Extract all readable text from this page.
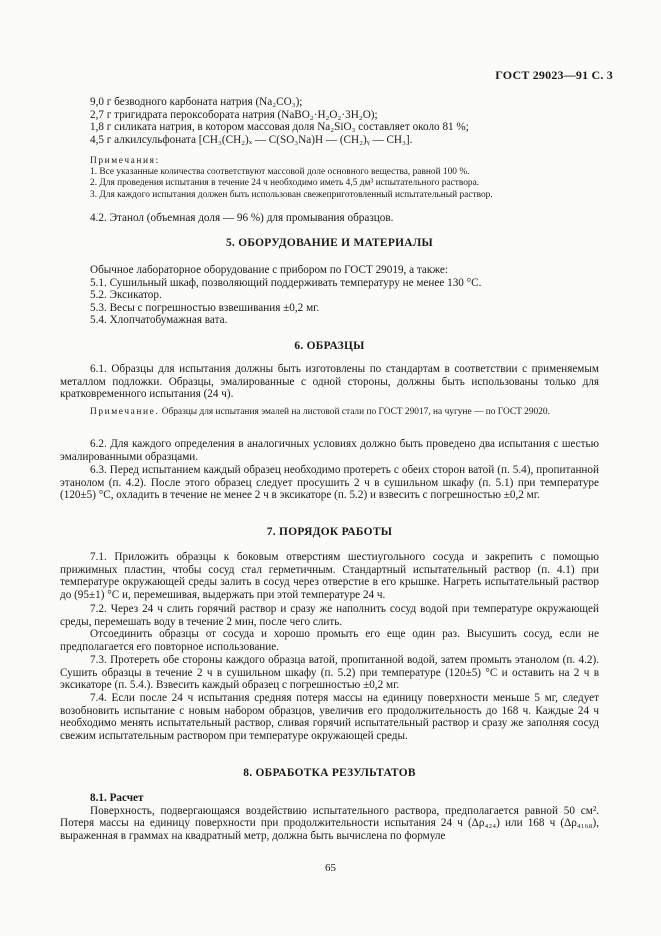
ГОСТ 29023—91 С. 3

9,0 г безводного карбоната натрия (Na₂CO₃);

2,7 г тригидрата пероксобората натрия (NaBO₂·H₂O₂·3H₂O);

1,8 г силиката натрия, в котором массовая доля Na₂SiO₃ составляет около 81 %;

4,5 г алкилсульфоната [CH₃(CH₂)ₓ — C(SO₃Na)H — (CH₂)ᵧ — CH₃].

Примечания:

1. Все указанные количества соответствуют массовой доле основного вещества, равной 100 %.

2. Для проведения испытания в течение 24 ч необходимо иметь 4,5 дм³ испытательного раствора.

3. Для каждого испытания должен быть использован свежеприготовленный испытательный раствор.

4.2. Этанол (объемная доля — 96 %) для промывания образцов.

5. ОБОРУДОВАНИЕ И МАТЕРИАЛЫ

Обычное лабораторное оборудование с прибором по ГОСТ 29019, а также:

5.1. Сушильный шкаф, позволяющий поддерживать температуру не менее 130 °С.

5.2. Эксикатор.

5.3. Весы с погрешностью взвешивания ±0,2 мг.

5.4. Хлопчатобумажная вата.

6. ОБРАЗЦЫ

6.1. Образцы для испытания должны быть изготовлены по стандартам в соответствии с применяемым металлом подложки. Образцы, эмалированные с одной стороны, должны быть использованы только для кратковременного испытания (24 ч).

Примечание. Образцы для испытания эмалей на листовой стали по ГОСТ 29017, на чугуне — по ГОСТ 29020.

6.2. Для каждого определения в аналогичных условиях должно быть проведено два испытания с шестью эмалированными образцами.

6.3. Перед испытанием каждый образец необходимо протереть с обеих сторон ватой (п. 5.4), пропитанной этанолом (п. 4.2). После этого образец следует просушить 2 ч в сушильном шкафу (п. 5.1) при температуре (120±5) °С, охладить в течение не менее 2 ч в эксикаторе (п. 5.2) и взвесить с погрешностью ±0,2 мг.

7. ПОРЯДОК РАБОТЫ

7.1. Приложить образцы к боковым отверстиям шестиугольного сосуда и закрепить с помощью прижимных пластин, чтобы сосуд стал герметичным. Стандартный испытательный раствор (п. 4.1) при температуре окружающей среды залить в сосуд через отверстие в его крышке. Нагреть испытательный раствор до (95±1) °С и, перемешивая, выдержать при этой температуре 24 ч.

7.2. Через 24 ч слить горячий раствор и сразу же наполнить сосуд водой при температуре окружающей среды, перемешать воду в течение 2 мин, после чего слить.

Отсоединить образцы от сосуда и хорошо промыть его еще один раз. Высушить сосуд, если не предполагается его повторное использование.

7.3. Протереть обе стороны каждого образца ватой, пропитанной водой, затем промыть этанолом (п. 4.2). Сушить образцы в течение 2 ч в сушильном шкафу (п. 5.2) при температуре (120±5) °С и оставить на 2 ч в эксикаторе (п. 5.4.). Взвесить каждый образец с погрешностью ±0,2 мг.

7.4. Если после 24 ч испытания средняя потеря массы на единицу поверхности меньше 5 мг, следует возобновить испытание с новым набором образцов, увеличив его продолжительность до 168 ч. Каждые 24 ч необходимо менять испытательный раствор, сливая горячий испытательный раствор и сразу же заполняя сосуд свежим испытательным раствором при температуре окружающей среды.

8. ОБРАБОТКА РЕЗУЛЬТАТОВ

8.1. Расчет

Поверхность, подвергающаяся воздействию испытательного раствора, предполагается равной 50 см². Потеря массы на единицу поверхности при продолжительности испытания 24 ч (Δρ₄₂₄) или 168 ч (Δρ₄₁₆₈), выраженная в граммах на квадратный метр, должна быть вычислена по формуле

65
